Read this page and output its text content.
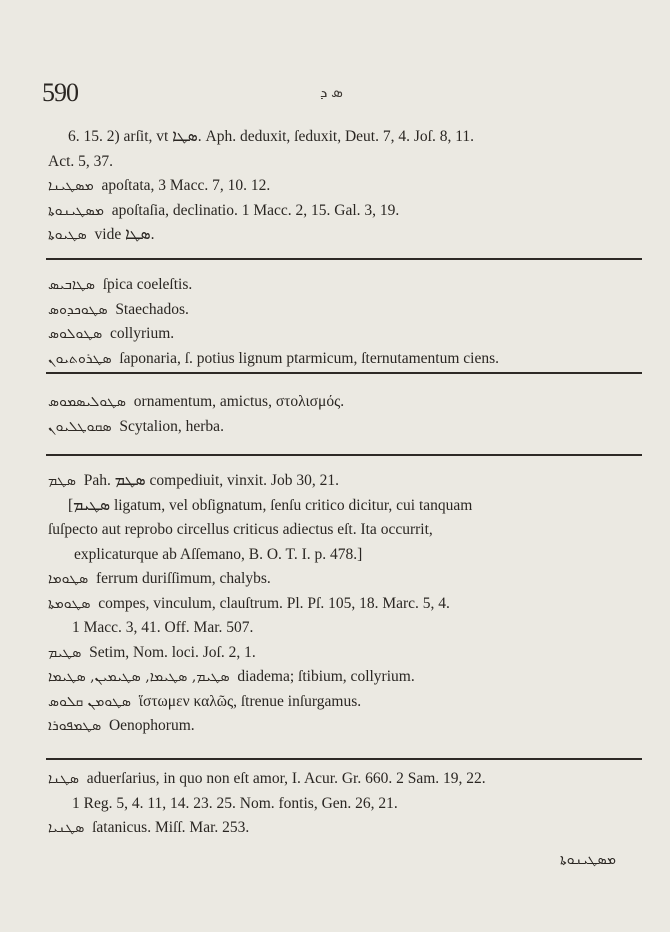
590	ܣ ܕ
6. 15. 2) arſit, vt ܣܛܐ. Aph. deduxit, ſeduxit, Deut. 7, 4. Joſ. 8, 11.
Act. 5, 37.
ܡܣܛܝܢܐ apoſtata, 3 Macc. 7, 10. 12.
ܡܣܛܝܢܘܬܐ apoſtaſia, declinatio. 1 Macc. 2, 15. Gal. 3, 19.
ܣܛܝܘܬܐ vide ܣܛܐ.
ܣܛܐܒܝܣ ſpica coeleſtis.
ܣܛܘܟܕܘܣ Staechados.
ܣܛܘܠܘܣ collyrium.
ܣܛܪܘܬܝܘܢ ſaponaria, ſ. potius lignum ptarmicum, ſternutamentum ciens.
ܣܛܘܠܝܣܡܘܣ ornamentum, amictus, στολισμός.
ܣܩܘܛܠܝܘܢ Scytalion, herba.
ܣܛܡ Pah. ܣܛܡ compediuit, vinxit. Job 30, 21.
[ܣܛܝܡ ligatum, vel obſignatum, ſenſu critico dicitur, cui tanquam
ſuſpecto aut reprobo circellus criticus adiectus eſt. Ita occurrit,
explicaturque ab Aſſemano, B. O. T. I. p. 478.]
ܣܛܘܡܐ ferrum duriſſimum, chalybs.
ܣܛܘܡܬܐ compes, vinculum, clauſtrum. Pl. Pſ. 105, 18. Marc. 5, 4.
1 Macc. 3, 41. Off. Mar. 507.
ܣܛܝܡ Setim, Nom. loci. Joſ. 2, 1.
ܣܛܝܡ, ܣܛܝܡܐ, ܣܛܝܡܝܢ, ܣܛܝܡܐ diadema; ſtibium, collyrium.
ܣܛܘܡܢ ܩܠܘܣ ἵστωμεν καλῶς, ſtrenue inſurgamus.
ܣܛܡܦܘܪܐ Oenophorum.
ܣܛܢܐ aduerſarius, in quo non eſt amor, I. Acur. Gr. 660. 2 Sam. 19, 22.
1 Reg. 5, 4. 11, 14. 23. 25. Nom. fontis, Gen. 26, 21.
ܣܛܢܝܐ ſatanicus. Miſſ. Mar. 253.
ܡܣܛܝܢܘܬܐ
